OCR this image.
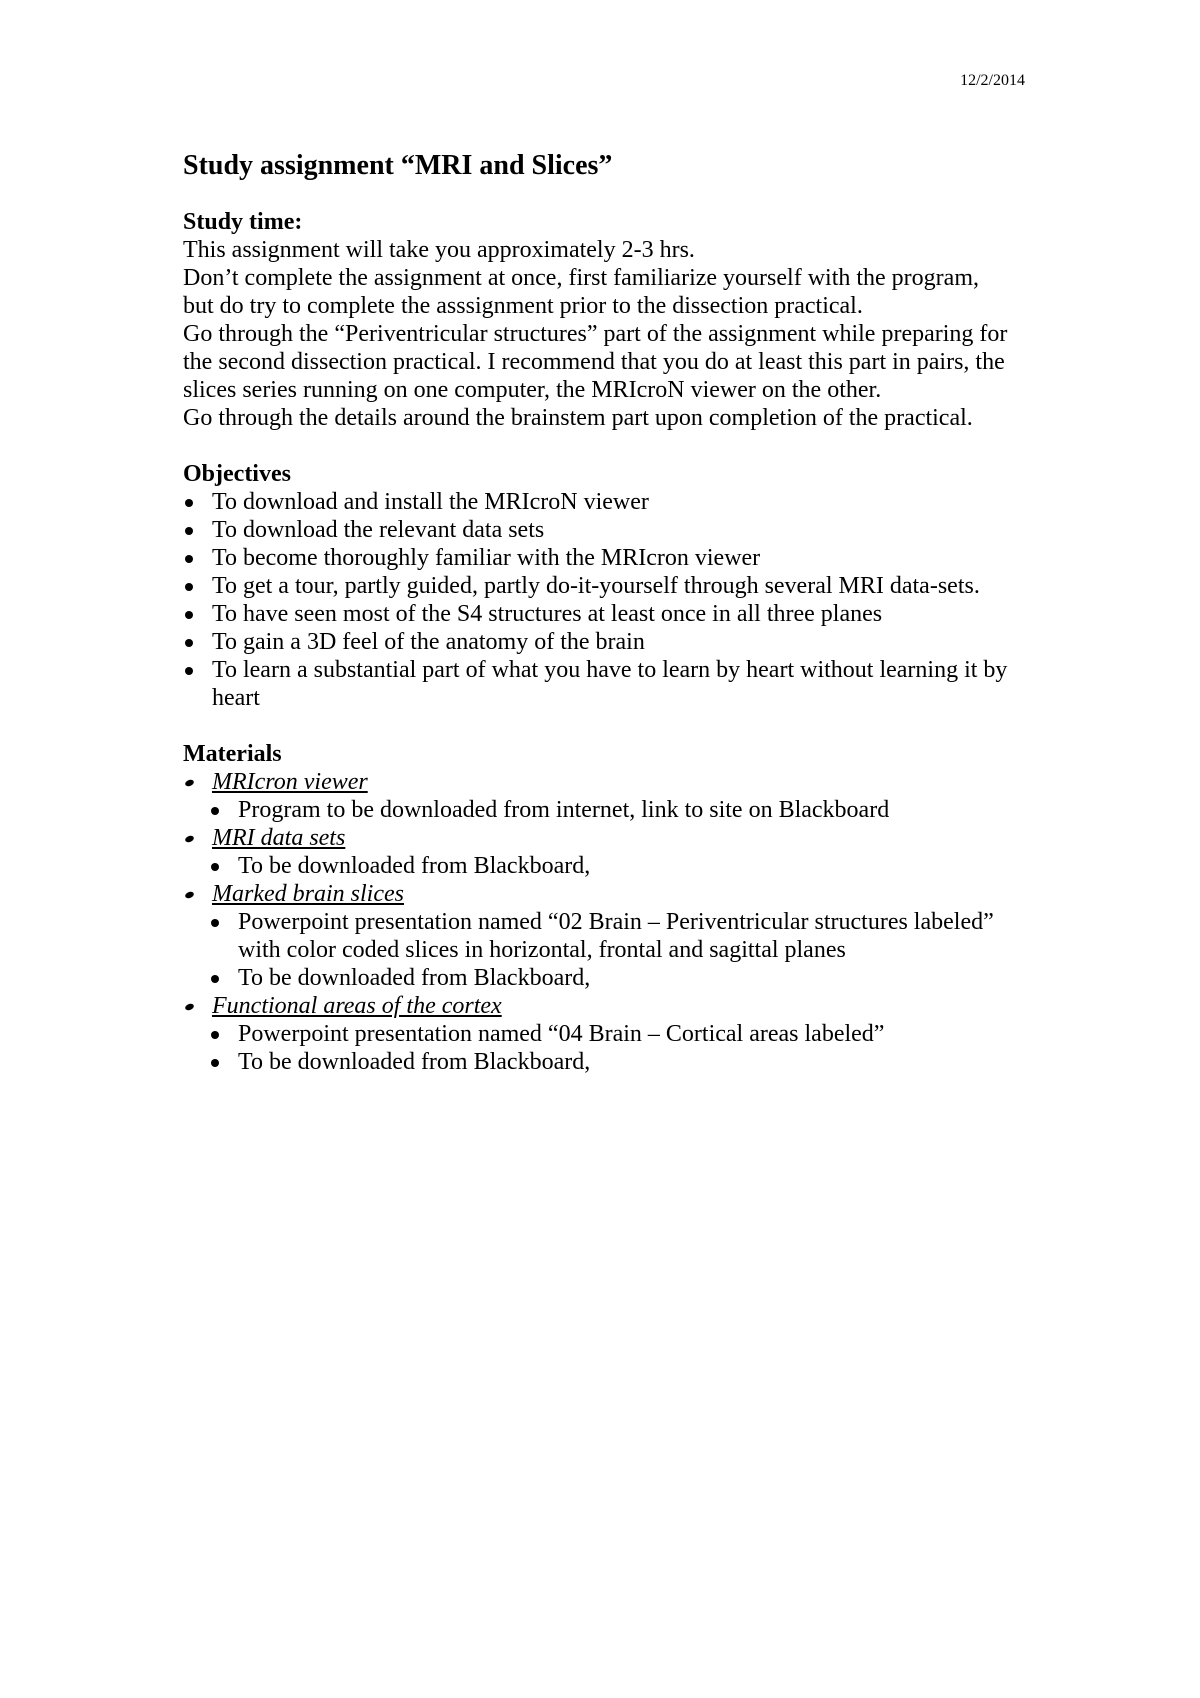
12/2/2014
Study assignment “MRI and Slices”
Study time:
This assignment will take you approximately 2-3 hrs.
Don’t complete the assignment at once, first familiarize yourself with the program,
but do try to complete the asssignment prior to the dissection practical.
Go through the “Periventricular structures” part of the assignment while preparing for
the second dissection practical. I recommend that you do at least this part in pairs, the
slices series running on one computer, the MRIcroN viewer on the other.
Go through the details around the brainstem part upon completion of the practical.
Objectives
To download and install the MRIcroN viewer
To download the relevant data sets
To become thoroughly familiar with the MRIcron viewer
To get a tour, partly guided, partly do-it-yourself through several MRI data-sets.
To have seen most of the S4 structures at least once in all three planes
To gain a 3D feel of the anatomy of the brain
To learn a substantial part of what you have to learn by heart without learning it by
heart
Materials
MRIcron viewer
Program to be downloaded from internet, link to site on Blackboard
MRI data sets
To be downloaded from Blackboard,
Marked brain slices
Powerpoint presentation named “02 Brain – Periventricular structures labeled”
with color coded slices in horizontal, frontal and sagittal planes
To be downloaded from Blackboard,
Functional areas of the cortex
Powerpoint presentation named “04 Brain – Cortical areas labeled”
To be downloaded from Blackboard,
